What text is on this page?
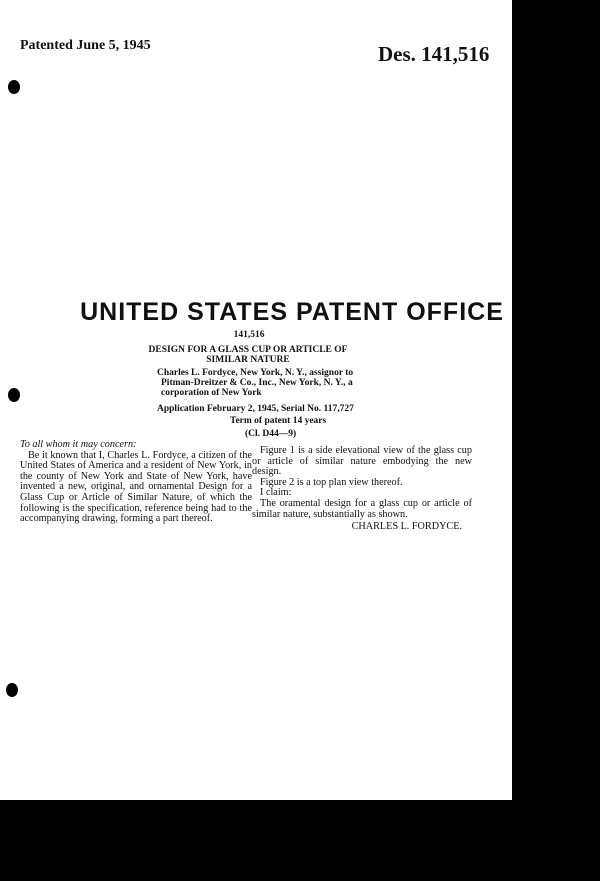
Patented June 5, 1945	Des. 141,516

UNITED STATES PATENT OFFICE

141,516

DESIGN FOR A GLASS CUP OR ARTICLE OF

SIMILAR NATURE

Charles L. Fordyce, New York, N. Y., assignor to

Pitman-Dreitzer & Co., Inc., New York, N. Y., a

corporation of New York

Application February 2, 1945, Serial No. 117,727

Term of patent 14 years

(Cl. D44—9)

To all whom it may concern:

Be it known that I, Charles L. Fordyce, a citizen of the United States of America and a resident of New York, in the county of New York and State of New York, have invented a new, original, and ornamental Design for a Glass Cup or Article of Similar Nature, of which the following is the specification, reference being had to the accompanying drawing, forming a part thereof.

Figure 1 is a side elevational view of the glass cup or article of similar nature embodying the new design.

Figure 2 is a top plan view thereof.

I claim:

The oramental design for a glass cup or article of similar nature, substantially as shown.

CHARLES L. FORDYCE.
